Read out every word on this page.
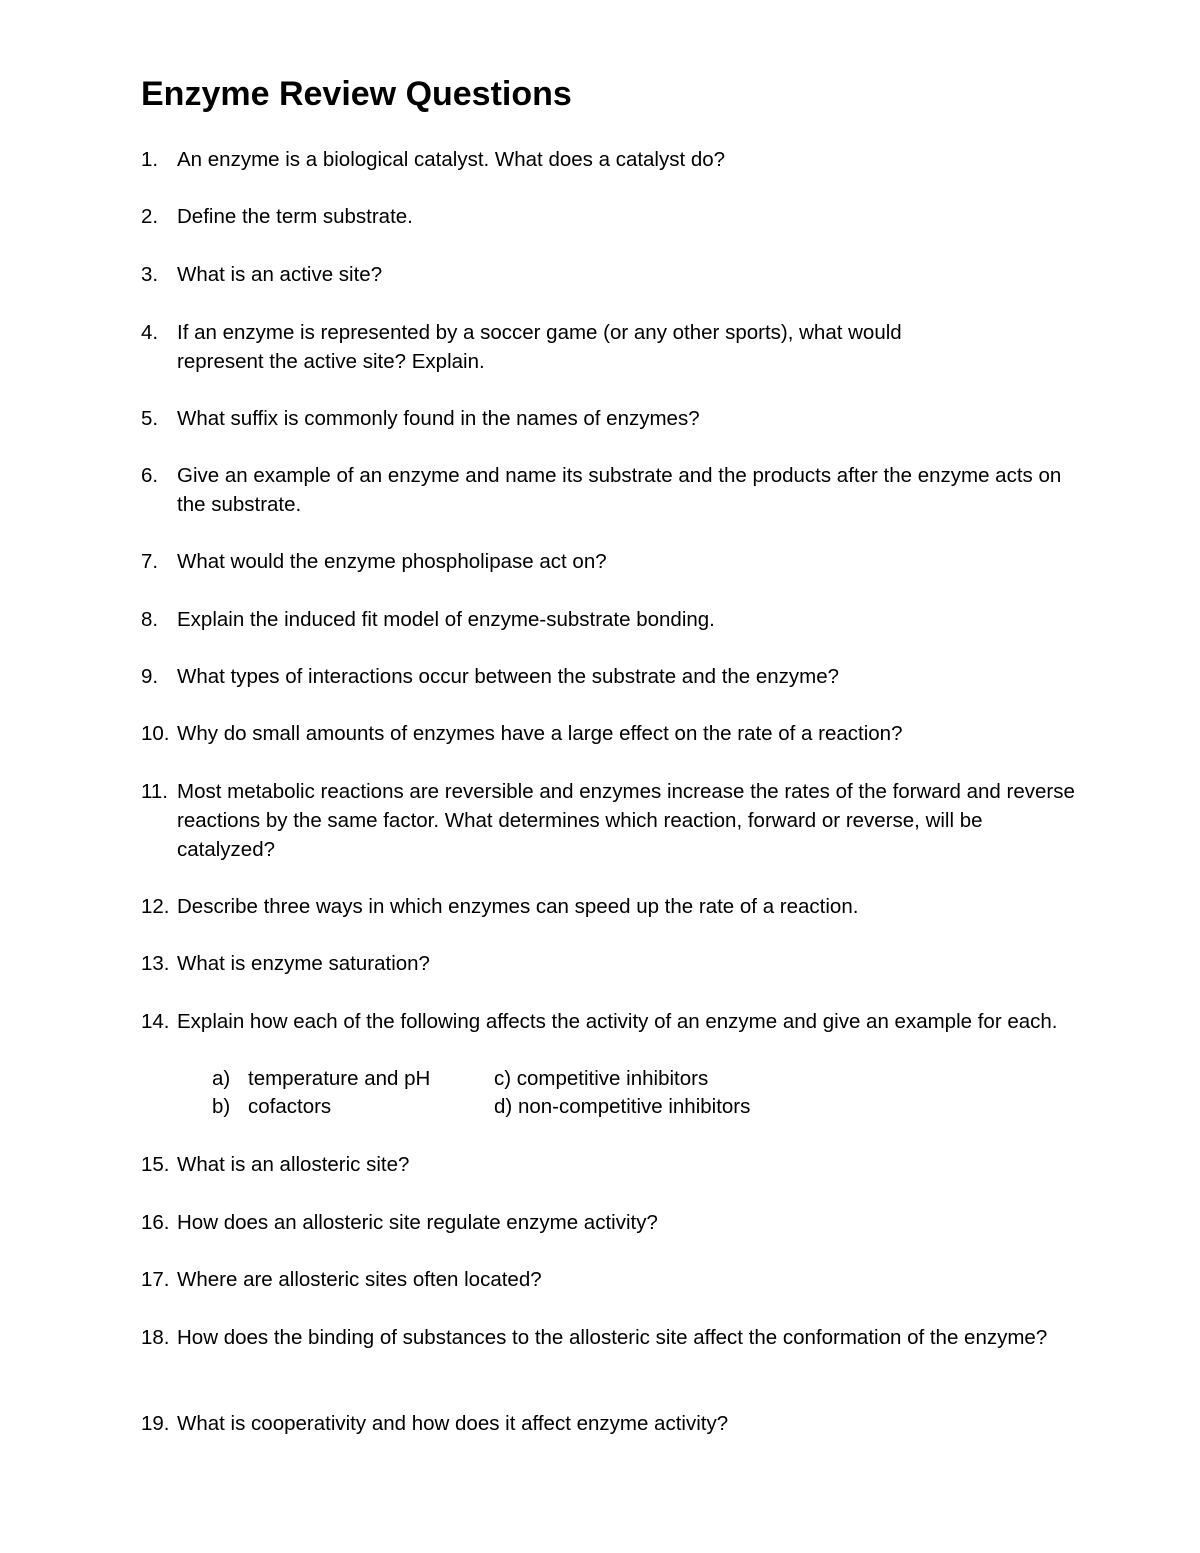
Enzyme Review Questions
1. An enzyme is a biological catalyst. What does a catalyst do?
2. Define the term substrate.
3. What is an active site?
4. If an enzyme is represented by a soccer game (or any other sports), what would represent the active site? Explain.
5. What suffix is commonly found in the names of enzymes?
6. Give an example of an enzyme and name its substrate and the products after the enzyme acts on the substrate.
7. What would the enzyme phospholipase act on?
8. Explain the induced fit model of enzyme-substrate bonding.
9. What types of interactions occur between the substrate and the enzyme?
10. Why do small amounts of enzymes have a large effect on the rate of a reaction?
11. Most metabolic reactions are reversible and enzymes increase the rates of the forward and reverse reactions by the same factor. What determines which reaction, forward or reverse, will be catalyzed?
12. Describe three ways in which enzymes can speed up the rate of a reaction.
13. What is enzyme saturation?
14. Explain how each of the following affects the activity of an enzyme and give an example for each.
15. What is an allosteric site?
16. How does an allosteric site regulate enzyme activity?
17. Where are allosteric sites often located?
18. How does the binding of substances to the allosteric site affect the conformation of the enzyme?
19. What is cooperativity and how does it affect enzyme activity?
a) temperature and pH
b) cofactors
c) competitive inhibitors
d) non-competitive inhibitors
